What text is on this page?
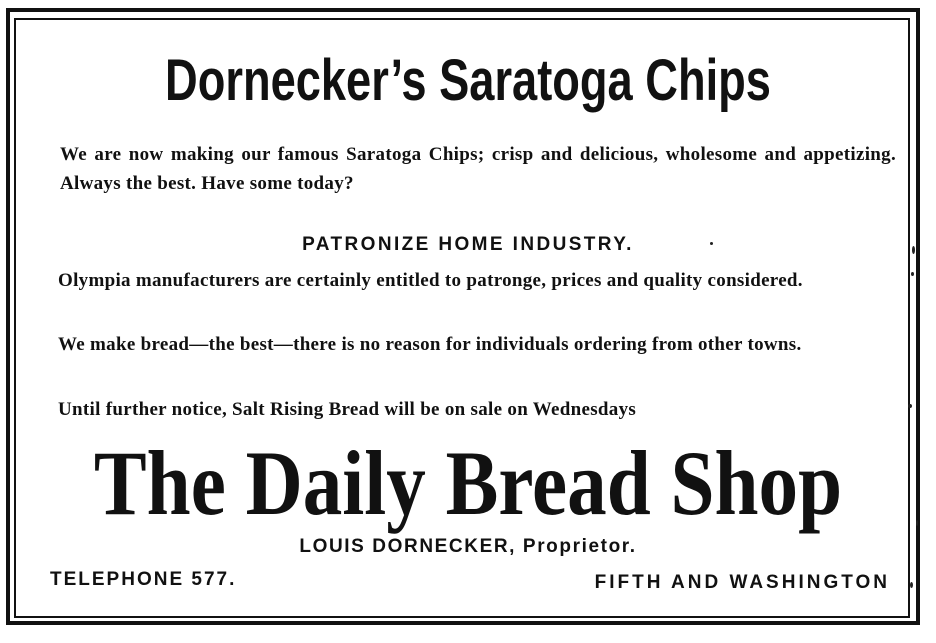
Dornecker’s Saratoga Chips
We are now making our famous Saratoga Chips; crisp and delicious, wholesome and appetizing. Always the best. Have some today?
PATRONIZE HOME INDUSTRY.
Olympia manufacturers are certainly entitled to patronge, prices and quality considered.
We make bread—the best—there is no reason for individuals ordering from other towns.
Until further notice, Salt Rising Bread will be on sale on Wednesdays
The Daily Bread Shop
LOUIS DORNECKER, Proprietor.
TELEPHONE 577.	FIFTH AND WASHINGTON
